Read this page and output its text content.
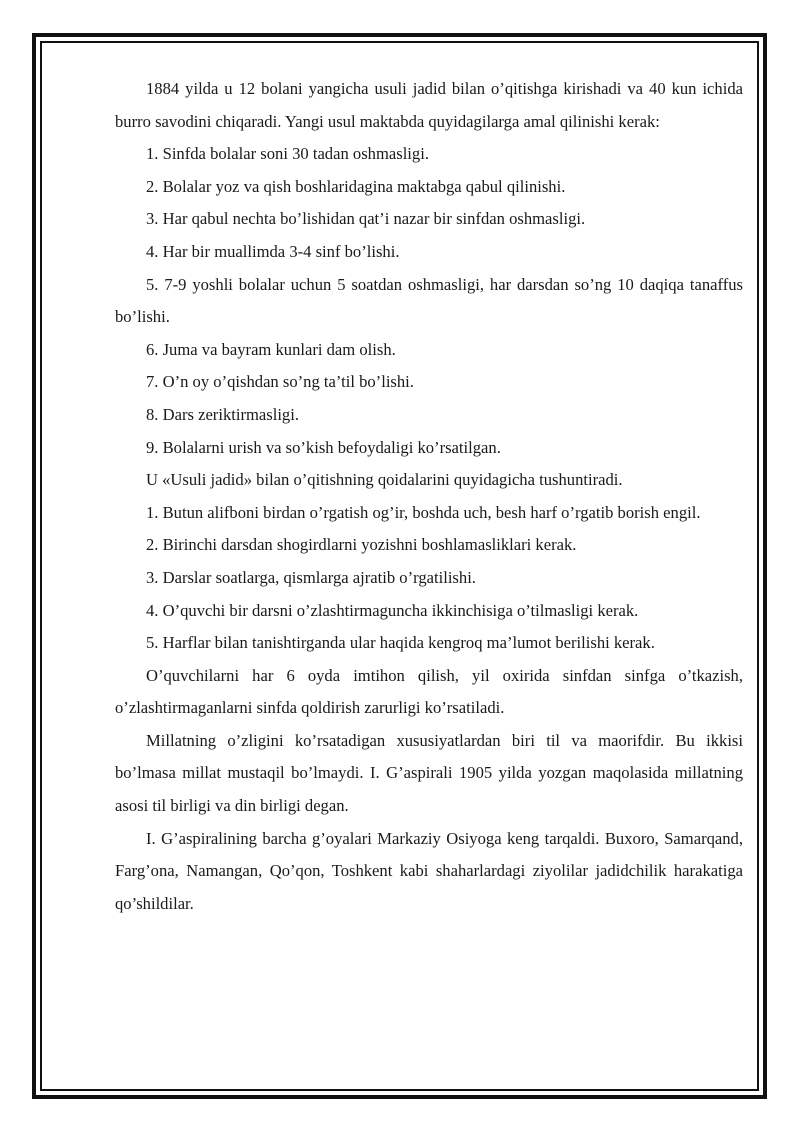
1884 yilda u 12 bolani yangicha usuli jadid bilan o’qitishga kirishadi va 40 kun ichida burro savodini chiqaradi. Yangi usul maktabda quyidagilarga amal qilinishi kerak:

1. Sinfda bolalar soni 30 tadan oshmasligi.

2. Bolalar yoz va qish boshlaridagina maktabga qabul qilinishi.

3. Har qabul nechta bo’lishidan qat’i nazar bir sinfdan oshmasligi.

4. Har bir muallimda 3-4 sinf bo’lishi.

5. 7-9 yoshli bolalar uchun 5 soatdan oshmasligi, har darsdan so’ng 10 daqiqa tanaffus bo’lishi.

6. Juma va bayram kunlari dam olish.

7. O’n oy o’qishdan so’ng ta’til bo’lishi.

8. Dars zeriktirmasligi.

9. Bolalarni urish va so’kish befoydaligi ko’rsatilgan.

U «Usuli jadid» bilan o’qitishning qoidalarini quyidagicha tushuntiradi.

1. Butun alifboni birdan o’rgatish og’ir, boshda uch, besh harf o’rgatib borish engil.

2. Birinchi darsdan shogirdlarni yozishni boshlamasliklari kerak.

3. Darslar soatlarga, qismlarga ajratib o’rgatilishi.

4. O’quvchi bir darsni o’zlashtirmaguncha ikkinchisiga o’tilmasligi kerak.

5. Harflar bilan tanishtirganda ular haqida kengroq ma’lumot berilishi kerak.

O’quvchilarni har 6 oyda imtihon qilish, yil oxirida sinfdan sinfga o’tkazish, o’zlashtirmaganlarni sinfda qoldirish zarurligi ko’rsatiladi.

Millatning o’zligini ko’rsatadigan xususiyatlardan biri til va maorifdir. Bu ikkisi bo’lmasa millat mustaqil bo’lmaydi. I. G’aspirali 1905 yilda yozgan maqolasida millatning asosi til birligi va din birligi degan.

I. G’aspiralining barcha g’oyalari Markaziy Osiyoga keng tarqaldi. Buxoro, Samarqand, Farg’ona, Namangan, Qo’qon, Toshkent kabi shaharlardagi ziyolilar jadidchilik harakatiga qo’shildilar.
